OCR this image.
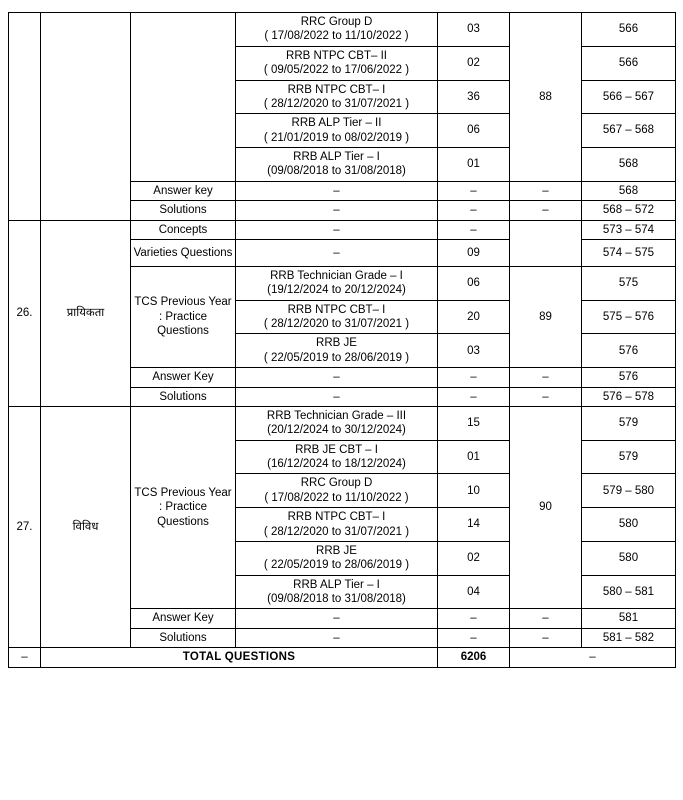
			RRC Group D
( 17/08/2022 to 11/10/2022 )	03	88	566

			RRB NTPC CBT– II
( 09/05/2022 to 17/06/2022 )	02		566

			RRB NTPC CBT– I
( 28/12/2020 to 31/07/2021 )	36		566 – 567

			RRB ALP Tier – II
( 21/01/2019 to 08/02/2019 )	06		567 – 568

			RRB ALP Tier – I
(09/08/2018 to 31/08/2018)	01		568
		Answer key	–	–	–	568
		Solutions	–	–	–	568 – 572
26.	प्रायिकता	Concepts	–	–		573 – 574

		Varieties Questions	–	09		574 – 575

		TCS Previous Year : Practice Questions	RRB Technician Grade – I
(19/12/2024 to 20/12/2024)	06	89	575

			RRB NTPC CBT– I
( 28/12/2020 to 31/07/2021 )	20		575 – 576

			RRB JE
( 22/05/2019 to 28/06/2019 )	03		576
		Answer Key	–	–	–	576
		Solutions	–	–	–	576 – 578
27.	विविध	TCS Previous Year : Practice Questions	RRB Technician Grade – III
(20/12/2024 to 30/12/2024)	15	90	579

			RRB JE CBT – I
(16/12/2024 to 18/12/2024)	01		579

			RRC Group D
( 17/08/2022 to 11/10/2022 )	10		579 – 580

			RRB NTPC CBT– I
( 28/12/2020 to 31/07/2021 )	14		580

			RRB JE
( 22/05/2019 to 28/06/2019 )	02		580

			RRB ALP Tier – I
(09/08/2018 to 31/08/2018)	04		580 – 581
		Answer Key	–	–	–	581
		Solutions	–	–	–	581 – 582
–	TOTAL QUESTIONS			6206	–	
